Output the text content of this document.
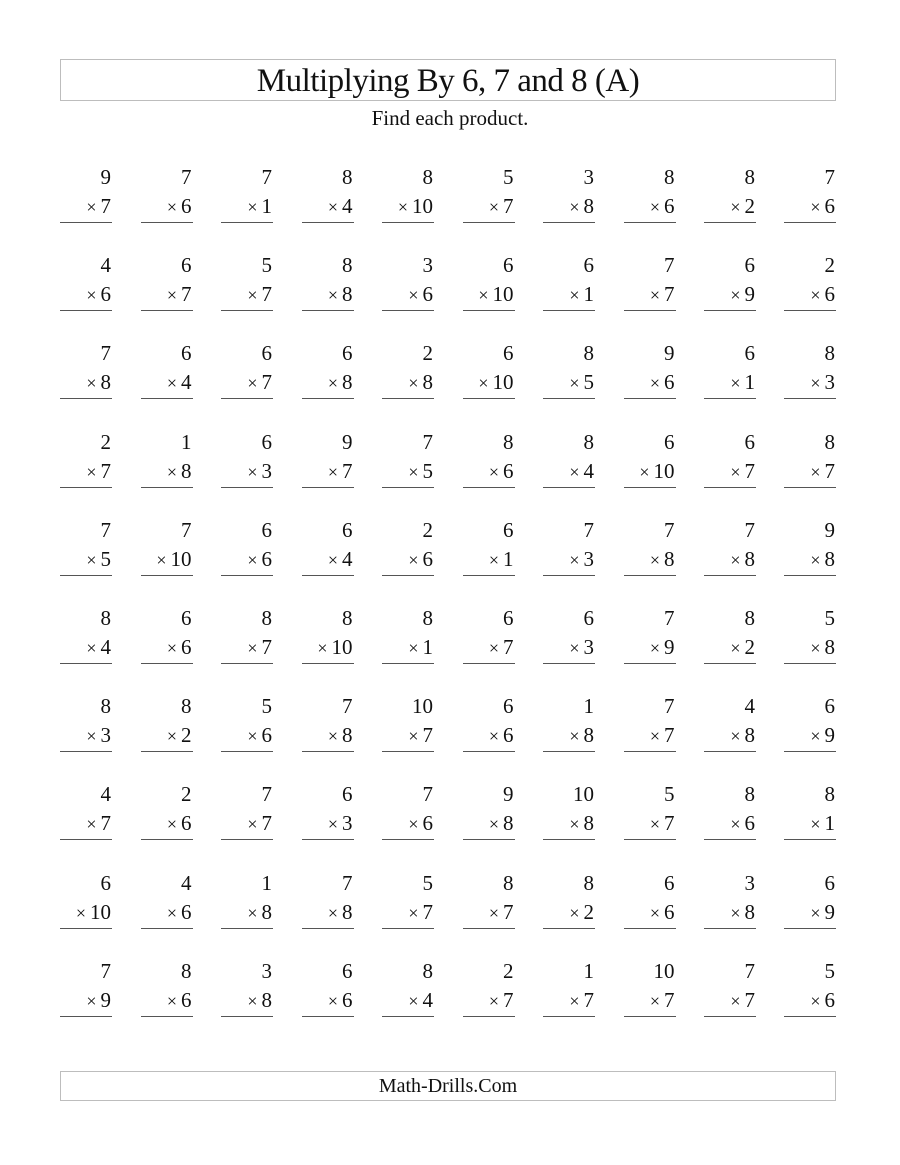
Multiplying By 6, 7 and 8 (A)
Find each product.
9
× 7
7
× 6
7
× 1
8
× 4
8
× 10
5
× 7
3
× 8
8
× 6
8
× 2
7
× 6
4
× 6
6
× 7
5
× 7
8
× 8
3
× 6
6
× 10
6
× 1
7
× 7
6
× 9
2
× 6
7
× 8
6
× 4
6
× 7
6
× 8
2
× 8
6
× 10
8
× 5
9
× 6
6
× 1
8
× 3
2
× 7
1
× 8
6
× 3
9
× 7
7
× 5
8
× 6
8
× 4
6
× 10
6
× 7
8
× 7
7
× 5
7
× 10
6
× 6
6
× 4
2
× 6
6
× 1
7
× 3
7
× 8
7
× 8
9
× 8
8
× 4
6
× 6
8
× 7
8
× 10
8
× 1
6
× 7
6
× 3
7
× 9
8
× 2
5
× 8
8
× 3
8
× 2
5
× 6
7
× 8
10
× 7
6
× 6
1
× 8
7
× 7
4
× 8
6
× 9
4
× 7
2
× 6
7
× 7
6
× 3
7
× 6
9
× 8
10
× 8
5
× 7
8
× 6
8
× 1
6
× 10
4
× 6
1
× 8
7
× 8
5
× 7
8
× 7
8
× 2
6
× 6
3
× 8
6
× 9
7
× 9
8
× 6
3
× 8
6
× 6
8
× 4
2
× 7
1
× 7
10
× 7
7
× 7
5
× 6
Math-Drills.Com
